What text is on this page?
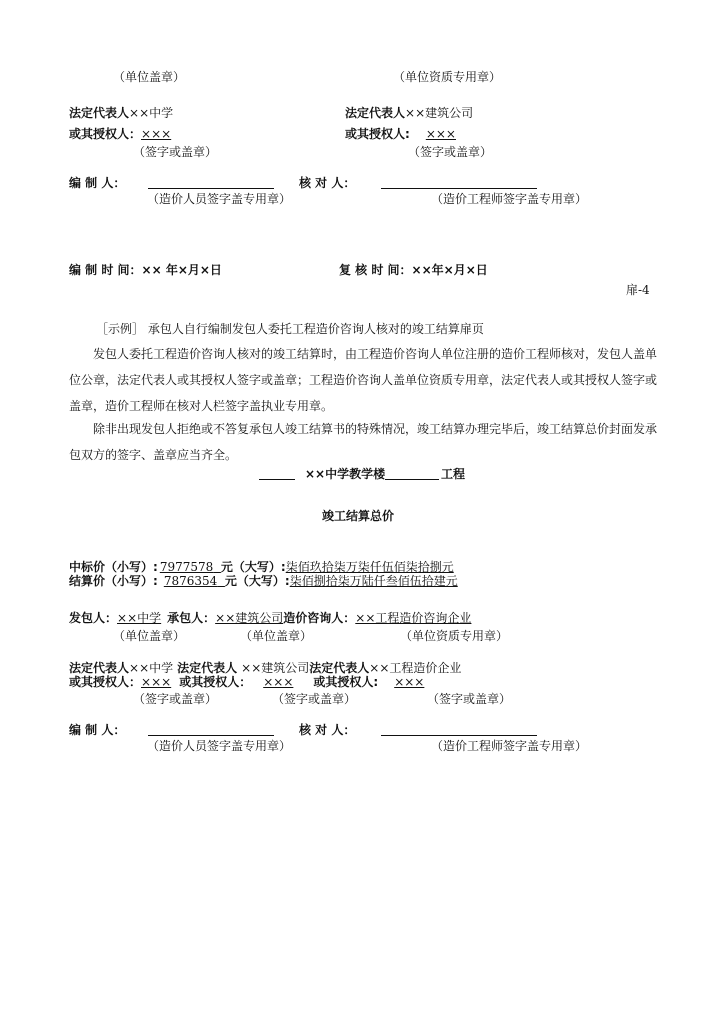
（单位盖章）	（单位资质专用章）
法定代表人××中学	法定代表人××建筑公司
或其授权人：×××	或其授权人: ×××
（签字或盖章）	（签字或盖章）
编 制 人：	核 对 人：
（造价人员签字盖专用章）	（造价工程师签字盖专用章）
编 制 时 间：×× 年×月×日	复 核 时 间：××年×月×日
扉-4
［示例］ 承包人自行编制发包人委托工程造价咨询人核对的竣工结算扉页
发包人委托工程造价咨询人核对的竣工结算时，由工程造价咨询人单位注册的造价工程师核对，发包人盖单位公章，法定代表人或其授权人签字或盖章；工程造价咨询人盖单位资质专用章，法定代表人或其授权人签字或盖章，造价工程师在核对人栏签字盖执业专用章。
除非出现发包人拒绝或不答复承包人竣工结算书的特殊情况，竣工结算办理完毕后，竣工结算总价封面发承包双方的签字、盖章应当齐全。
××中学教学楼	工程
竣工结算总价
中标价（小写）: 7977578 元（大写）:柒佰玖拾柒万柒仟伍佰柒拾捌元
结算价（小写）: 7876354 元（大写）:柒佰捌拾柒万陆仟叁佰伍拾建元
发包人：××中学 承包人：××建筑公司造价咨询人：××工程造价咨询企业
（单位盖章）	（单位盖章）	（单位资质专用章）
法定代表人××中学 法定代表人 ××建筑公司法定代表人××工程造价企业
或其授权人：××× 或其授权人： ××× 或其授权人: ×××
（签字或盖章）	（签字或盖章）	（签字或盖章）
编 制 人：	核 对 人：
（造价人员签字盖专用章）	（造价工程师签字盖专用章）
